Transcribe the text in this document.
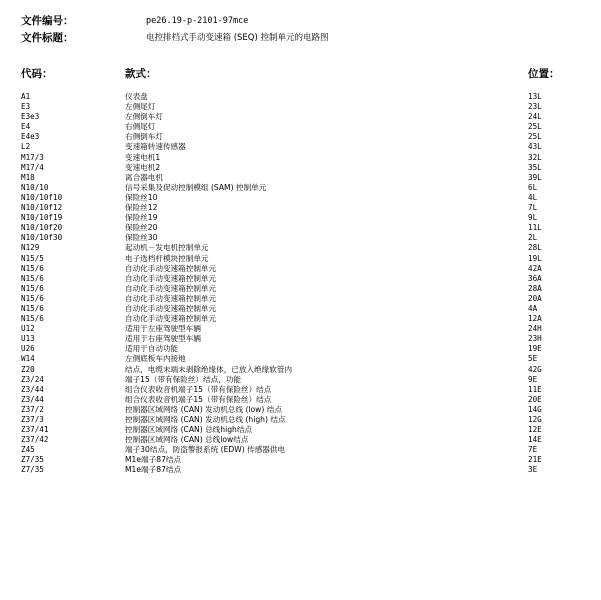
文件编号：	pe26.19-p-2101-97mce
文件标题：	电控排档式手动变速箱 (SEQ) 控制单元的电路图
代码：	款式：	位置：
A1	仪表盘	13L
E3	左侧尾灯	23L
E3e3	左侧倒车灯	24L
E4	右侧尾灯	25L
E4e3	右侧倒车灯	25L
L2	变速箱转速传感器	43L
M17/3	变速电机1	32L
M17/4	变速电机2	35L
M18	离合器电机	39L
N10/10	信号采集及促动控制模组 (SAM) 控制单元	6L
N10/10f10	保险丝10	4L
N10/10f12	保险丝12	7L
N10/10f19	保险丝19	9L
N10/10f20	保险丝20	11L
N10/10f30	保险丝30	2L
N129	起动机－发电机控制单元	28L
N15/5	电子选档杆模块控制单元	19L
N15/6	自动化手动变速箱控制单元	42A
N15/6	自动化手动变速箱控制单元	36A
N15/6	自动化手动变速箱控制单元	28A
N15/6	自动化手动变速箱控制单元	20A
N15/6	自动化手动变速箱控制单元	4A
N15/6	自动化手动变速箱控制单元	12A
U12	适用于左座驾驶型车辆	24H
U13	适用于右座驾驶型车辆	23H
U26	适用于自动功能	19E
W14	左侧底板车内接地	5E
Z20	结点，电缆末端未剥除绝缘体，已放入绝缘软管内	42G
Z3/24	端子15（带有保险丝）结点，功能	9E
Z3/44	组合仪表收音机端子15（带有保险丝）结点	11E
Z3/44	组合仪表收音机端子15（带有保险丝）结点	20E
Z37/2	控制器区域网络 (CAN) 发动机总线 (low) 结点	14G
Z37/3	控制器区域网络 (CAN) 发动机总线 (high) 结点	12G
Z37/41	控制器区域网络 (CAN) 总线high结点	12E
Z37/42	控制器区域网络 (CAN) 总线low结点	14E
Z45	端子30结点，防盗警报系统 (EDW) 传感器供电	7E
Z7/35	M1e端子87结点	21E
Z7/35	M1e端子87结点	3E
